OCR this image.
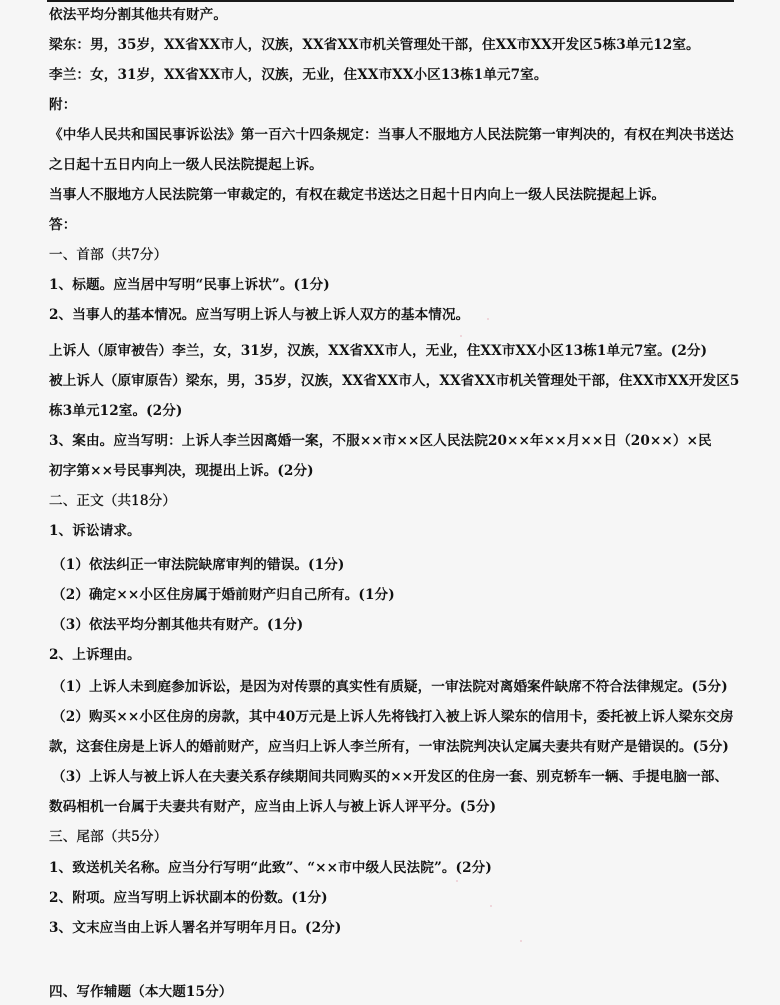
依法平均分割其他共有财产。
梁东：男，35岁，XX省XX市人，汉族，XX省XX市机关管理处干部，住XX市XX开发区5栋3单元12室。
李兰：女，31岁，XX省XX市人，汉族，无业，住XX市XX小区13栋1单元7室。
附：
《中华人民共和国民事诉讼法》第一百六十四条规定：当事人不服地方人民法院第一审判决的，有权在判决书送达
之日起十五日内向上一级人民法院提起上诉。
当事人不服地方人民法院第一审裁定的，有权在裁定书送达之日起十日内向上一级人民法院提起上诉。
答：
一、首部（共7分）
1、标题。应当居中写明“民事上诉状”。(1分)
2、当事人的基本情况。应当写明上诉人与被上诉人双方的基本情况。
上诉人（原审被告）李兰，女，31岁，汉族，XX省XX市人，无业，住XX市XX小区13栋1单元7室。(2分)
被上诉人（原审原告）梁东，男，35岁，汉族，XX省XX市人，XX省XX市机关管理处干部，住XX市XX开发区5
栋3单元12室。(2分)
3、案由。应当写明：上诉人李兰因离婚一案，不服××市××区人民法院20××年××月××日（20××）×民
初字第××号民事判决，现提出上诉。(2分)
二、正文（共18分）
1、诉讼请求。
（1）依法纠正一审法院缺席审判的错误。(1分)
（2）确定××小区住房属于婚前财产归自己所有。(1分)
（3）依法平均分割其他共有财产。(1分)
2、上诉理由。
（1）上诉人未到庭参加诉讼，是因为对传票的真实性有质疑，一审法院对离婚案件缺席不符合法律规定。(5分)
（2）购买××小区住房的房款，其中40万元是上诉人先将钱打入被上诉人梁东的信用卡，委托被上诉人梁东交房
款，这套住房是上诉人的婚前财产，应当归上诉人李兰所有，一审法院判决认定属夫妻共有财产是错误的。(5分)
（3）上诉人与被上诉人在夫妻关系存续期间共同购买的××开发区的住房一套、别克轿车一辆、手提电脑一部、
数码相机一台属于夫妻共有财产，应当由上诉人与被上诉人评平分。(5分)
三、尾部（共5分）
1、致送机关名称。应当分行写明“此致”、“××市中级人民法院”。(2分)
2、附项。应当写明上诉状副本的份数。(1分)
3、文末应当由上诉人署名并写明年月日。(2分)
四、写作辅题（本大题15分）
